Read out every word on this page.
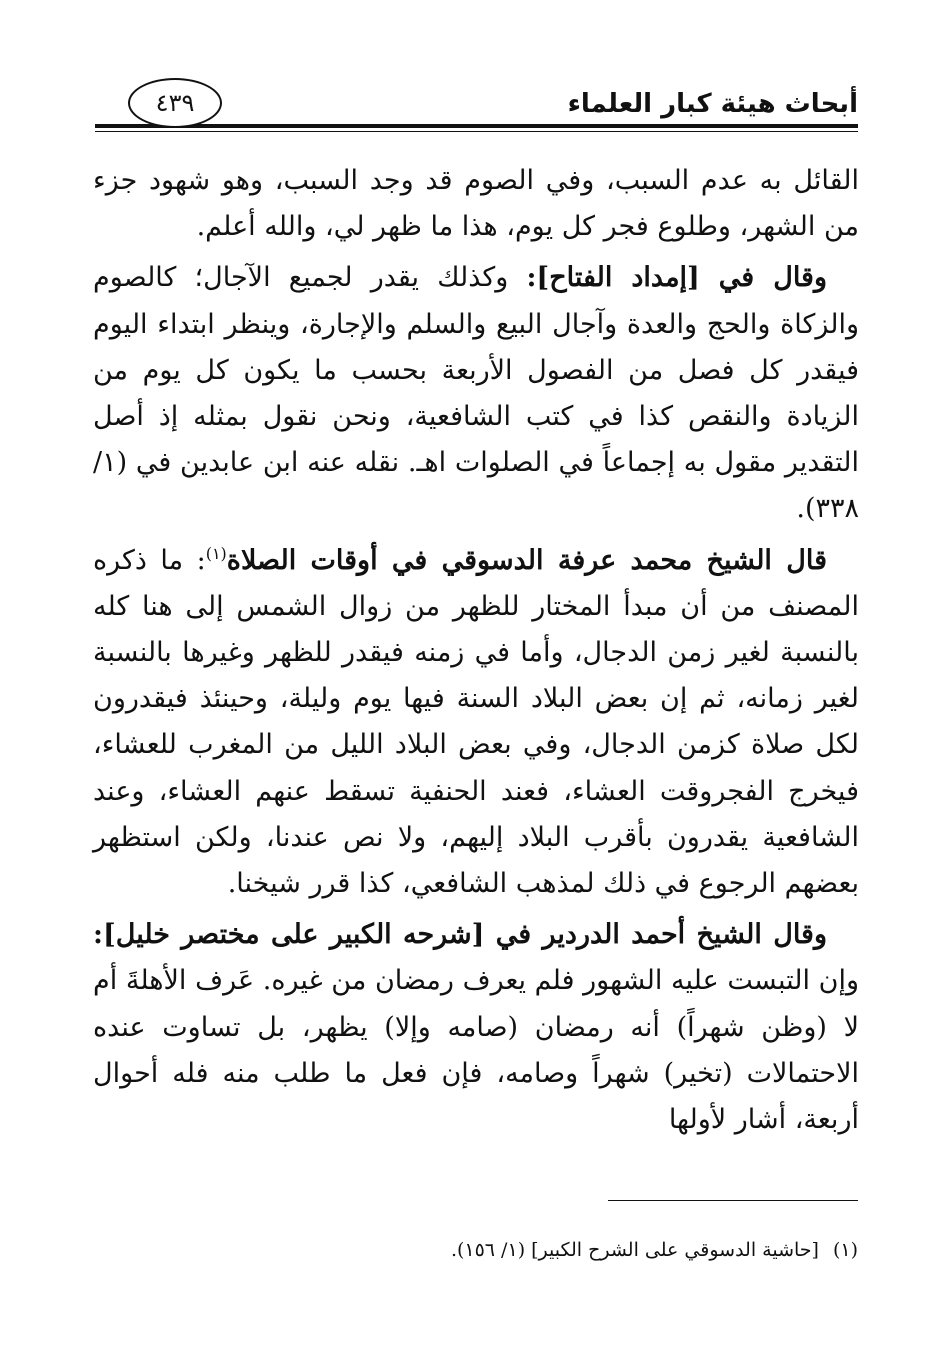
أبحاث هيئة كبار العلماء
٤٣٩

القائل به عدم السبب، وفي الصوم قد وجد السبب، وهو شهود جزء من الشهر، وطلوع فجر كل يوم، هذا ما ظهر لي، والله أعلم.

وقال في [إمداد الفتاح]: وكذلك يقدر لجميع الآجال؛ كالصوم والزكاة والحج والعدة وآجال البيع والسلم والإجارة، وينظر ابتداء اليوم فيقدر كل فصل من الفصول الأربعة بحسب ما يكون كل يوم من الزيادة والنقص كذا في كتب الشافعية، ونحن نقول بمثله إذ أصل التقدير مقول به إجماعاً في الصلوات اهـ. نقله عنه ابن عابدين في (١/ ٣٣٨).

قال الشيخ محمد عرفة الدسوقي في أوقات الصلاة$^{(١)}$: ما ذكره المصنف من أن مبدأ المختار للظهر من زوال الشمس إلى هنا كله بالنسبة لغير زمن الدجال، وأما في زمنه فيقدر للظهر وغيرها بالنسبة لغير زمانه، ثم إن بعض البلاد السنة فيها يوم وليلة، وحينئذ فيقدرون لكل صلاة كزمن الدجال، وفي بعض البلاد الليل من المغرب للعشاء، فيخرج الفجروقت العشاء، فعند الحنفية تسقط عنهم العشاء، وعند الشافعية يقدرون بأقرب البلاد إليهم، ولا نص عندنا، ولكن استظهر بعضهم الرجوع في ذلك لمذهب الشافعي، كذا قرر شيخنا.

وقال الشيخ أحمد الدردير في [شرحه الكبير على مختصر خليل]: وإن التبست عليه الشهور فلم يعرف رمضان من غيره. عَرف الأهلةَ أم لا (وظن شهراً) أنه رمضان (صامه وإلا) يظهر، بل تساوت عنده الاحتمالات (تخير) شهراً وصامه، فإن فعل ما طلب منه فله أحوال أربعة، أشار لأولها

(١)[حاشية الدسوقي على الشرح الكبير] (١/ ١٥٦).
